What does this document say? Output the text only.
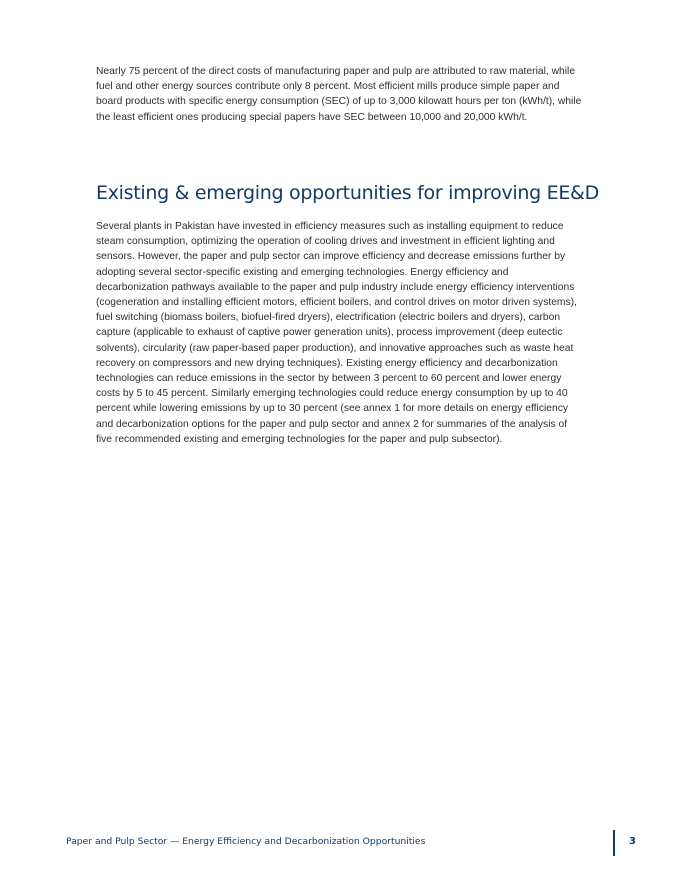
Nearly 75 percent of the direct costs of manufacturing paper and pulp are attributed to raw material, while fuel and other energy sources contribute only 8 percent. Most efficient mills produce simple paper and board products with specific energy consumption (SEC) of up to 3,000 kilowatt hours per ton (kWh/t), while the least efficient ones producing special papers have SEC between 10,000 and 20,000 kWh/t.

Existing & emerging opportunities for improving EE&D

Several plants in Pakistan have invested in efficiency measures such as installing equipment to reduce steam consumption, optimizing the operation of cooling drives and investment in efficient lighting and sensors. However, the paper and pulp sector can improve efficiency and decrease emissions further by adopting several sector-specific existing and emerging technologies. Energy efficiency and decarbonization pathways available to the paper and pulp industry include energy efficiency interventions (cogeneration and installing efficient motors, efficient boilers, and control drives on motor driven systems), fuel switching (biomass boilers, biofuel-fired dryers), electrification (electric boilers and dryers), carbon capture (applicable to exhaust of captive power generation units), process improvement (deep eutectic solvents), circularity (raw paper-based paper production), and innovative approaches such as waste heat recovery on compressors and new drying techniques). Existing energy efficiency and decarbonization technologies can reduce emissions in the sector by between 3 percent to 60 percent and lower energy costs by 5 to 45 percent. Similarly emerging technologies could reduce energy consumption by up to 40 percent while lowering emissions by up to 30 percent (see annex 1 for more details on energy efficiency and decarbonization options for the paper and pulp sector and annex 2 for summaries of the analysis of five recommended existing and emerging technologies for the paper and pulp subsector).

Paper and Pulp Sector — Energy Efficiency and Decarbonization Opportunities	3
